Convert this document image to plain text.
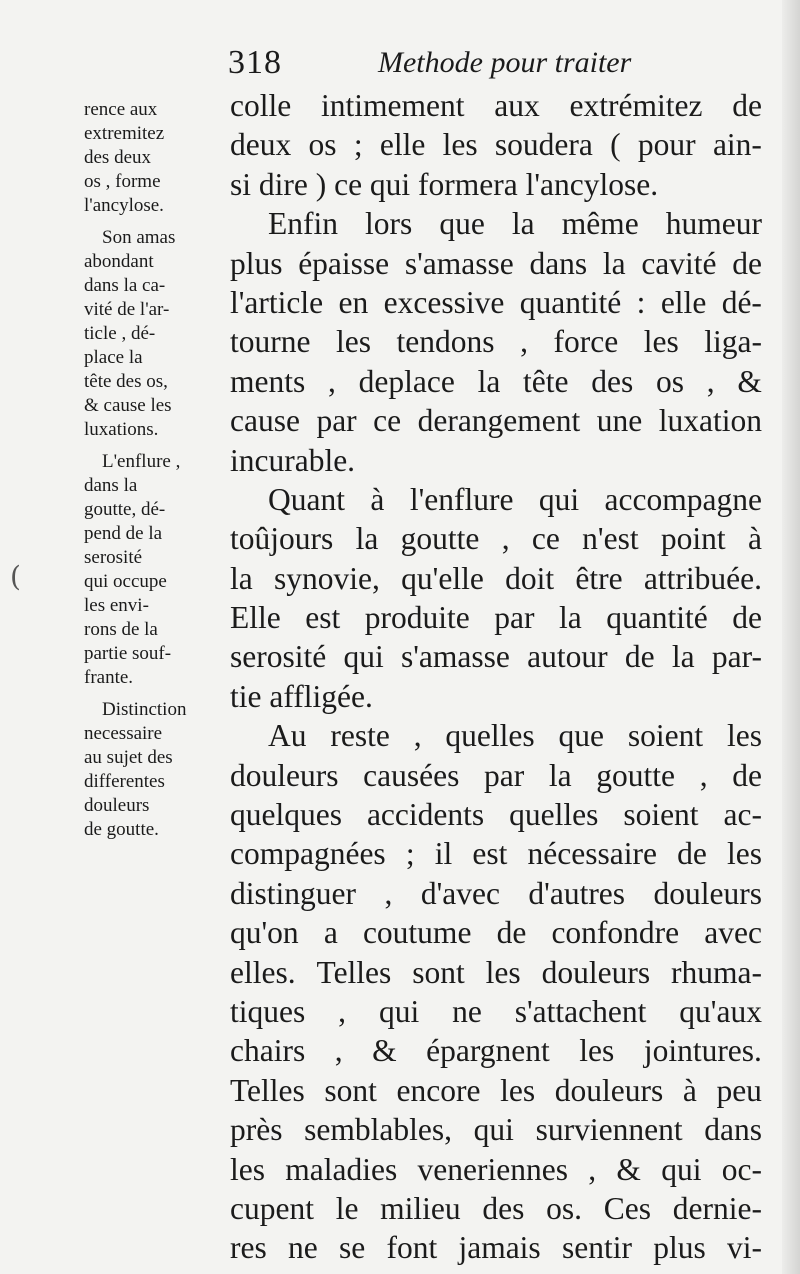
318	Methode pour traiter
colle intimement aux extrémitez de
deux os ; elle les soudera ( pour ain-
si dire ) ce qui formera l'ancylose.
Enfin lors que la même humeur
plus épaisse s'amasse dans la cavité de
l'article en excessive quantité : elle dé-
tourne les tendons , force les liga-
ments , deplace la tête des os , &
cause par ce derangement une luxation
incurable.
Quant à l'enflure qui accompagne
toûjours la goutte , ce n'est point à
la synovie, qu'elle doit être attribuée.
Elle est produite par la quantité de
serosité qui s'amasse autour de la par-
tie affligée.
Au reste , quelles que soient les
douleurs causées par la goutte , de
quelques accidents quelles soient ac-
compagnées ; il est nécessaire de les
distinguer , d'avec d'autres douleurs
qu'on a coutume de confondre avec
elles. Telles sont les douleurs rhuma-
tiques , qui ne s'attachent qu'aux
chairs , & épargnent les jointures.
Telles sont encore les douleurs à peu
près semblables, qui surviennent dans
les maladies veneriennes , & qui oc-
cupent le milieu des os. Ces dernie-
res ne se font jamais sentir plus vi-
rence aux
extremitez
des deux
os , forme
l'ancylose.
Son amas
abondant
dans la ca-
vité de l'ar-
ticle , dé-
place la
tête des os,
& cause les
luxations.
L'enflure ,
dans la
goutte, dé-
pend de la
serosité
qui occupe
les envi-
rons de la
partie souf-
frante.
Distinction
necessaire
au sujet des
differentes
douleurs
de goutte.
(
